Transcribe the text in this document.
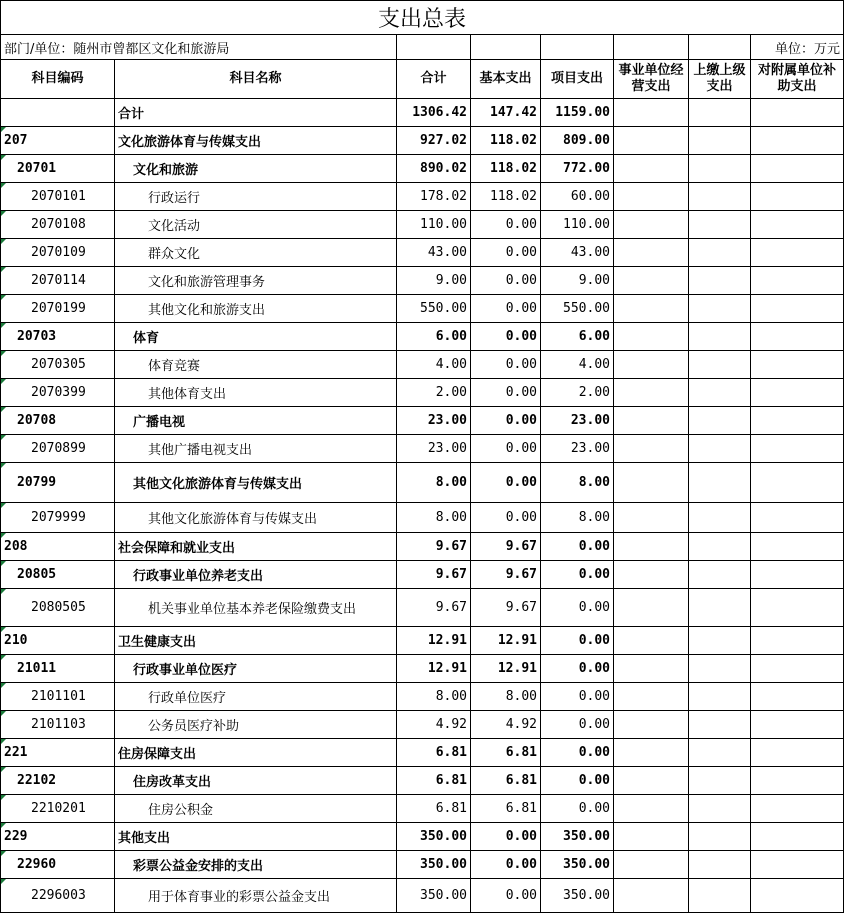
支出总表							
部门/单位：随州市曾都区文化和旅游局							单位：万元
科目编码	科目名称	合计	基本支出	项目支出	事业单位经营支出	上缴上级支出	对附属单位补助支出
	合计	1306.42	147.42	1159.00			
207	文化旅游体育与传媒支出	927.02	118.02	809.00			
20701	文化和旅游	890.02	118.02	772.00			
2070101	行政运行	178.02	118.02	60.00			
2070108	文化活动	110.00	0.00	110.00			
2070109	群众文化	43.00	0.00	43.00			
2070114	文化和旅游管理事务	9.00	0.00	9.00			
2070199	其他文化和旅游支出	550.00	0.00	550.00			
20703	体育	6.00	0.00	6.00			
2070305	体育竞赛	4.00	0.00	4.00			
2070399	其他体育支出	2.00	0.00	2.00			
20708	广播电视	23.00	0.00	23.00			
2070899	其他广播电视支出	23.00	0.00	23.00			
20799	其他文化旅游体育与传媒支出	8.00	0.00	8.00			
2079999	其他文化旅游体育与传媒支出	8.00	0.00	8.00			
208	社会保障和就业支出	9.67	9.67	0.00			
20805	行政事业单位养老支出	9.67	9.67	0.00			
2080505	机关事业单位基本养老保险缴费支出	9.67	9.67	0.00			
210	卫生健康支出	12.91	12.91	0.00			
21011	行政事业单位医疗	12.91	12.91	0.00			
2101101	行政单位医疗	8.00	8.00	0.00			
2101103	公务员医疗补助	4.92	4.92	0.00			
221	住房保障支出	6.81	6.81	0.00			
22102	住房改革支出	6.81	6.81	0.00			
2210201	住房公积金	6.81	6.81	0.00			
229	其他支出	350.00	0.00	350.00			
22960	彩票公益金安排的支出	350.00	0.00	350.00			
2296003	用于体育事业的彩票公益金支出	350.00	0.00	350.00			
